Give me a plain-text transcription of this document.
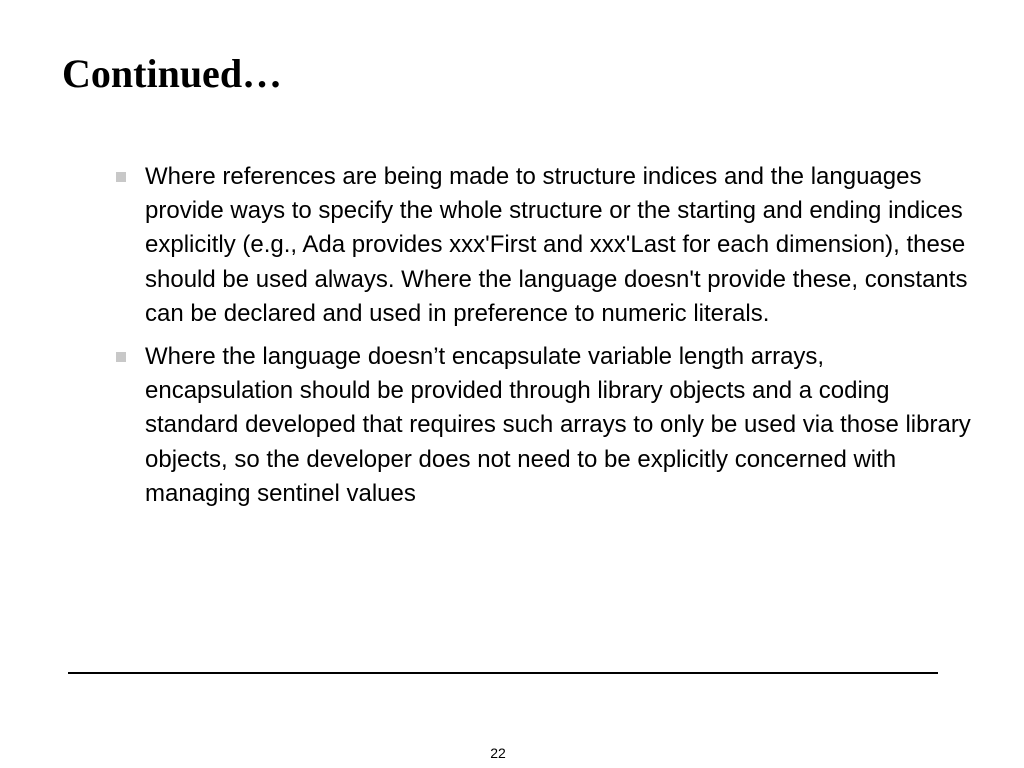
Continued…
Where references are being made to structure indices and the languages provide ways to specify the whole structure or the starting and ending indices explicitly (e.g., Ada provides xxx'First and xxx'Last for each dimension), these should be used always. Where the language doesn't provide these, constants can be declared and used in preference to numeric literals.
Where the language doesn’t encapsulate variable length arrays, encapsulation should be provided through library objects and a coding standard developed that requires such arrays to only be used via those library objects, so the developer does not need to be explicitly concerned with managing sentinel values
22
